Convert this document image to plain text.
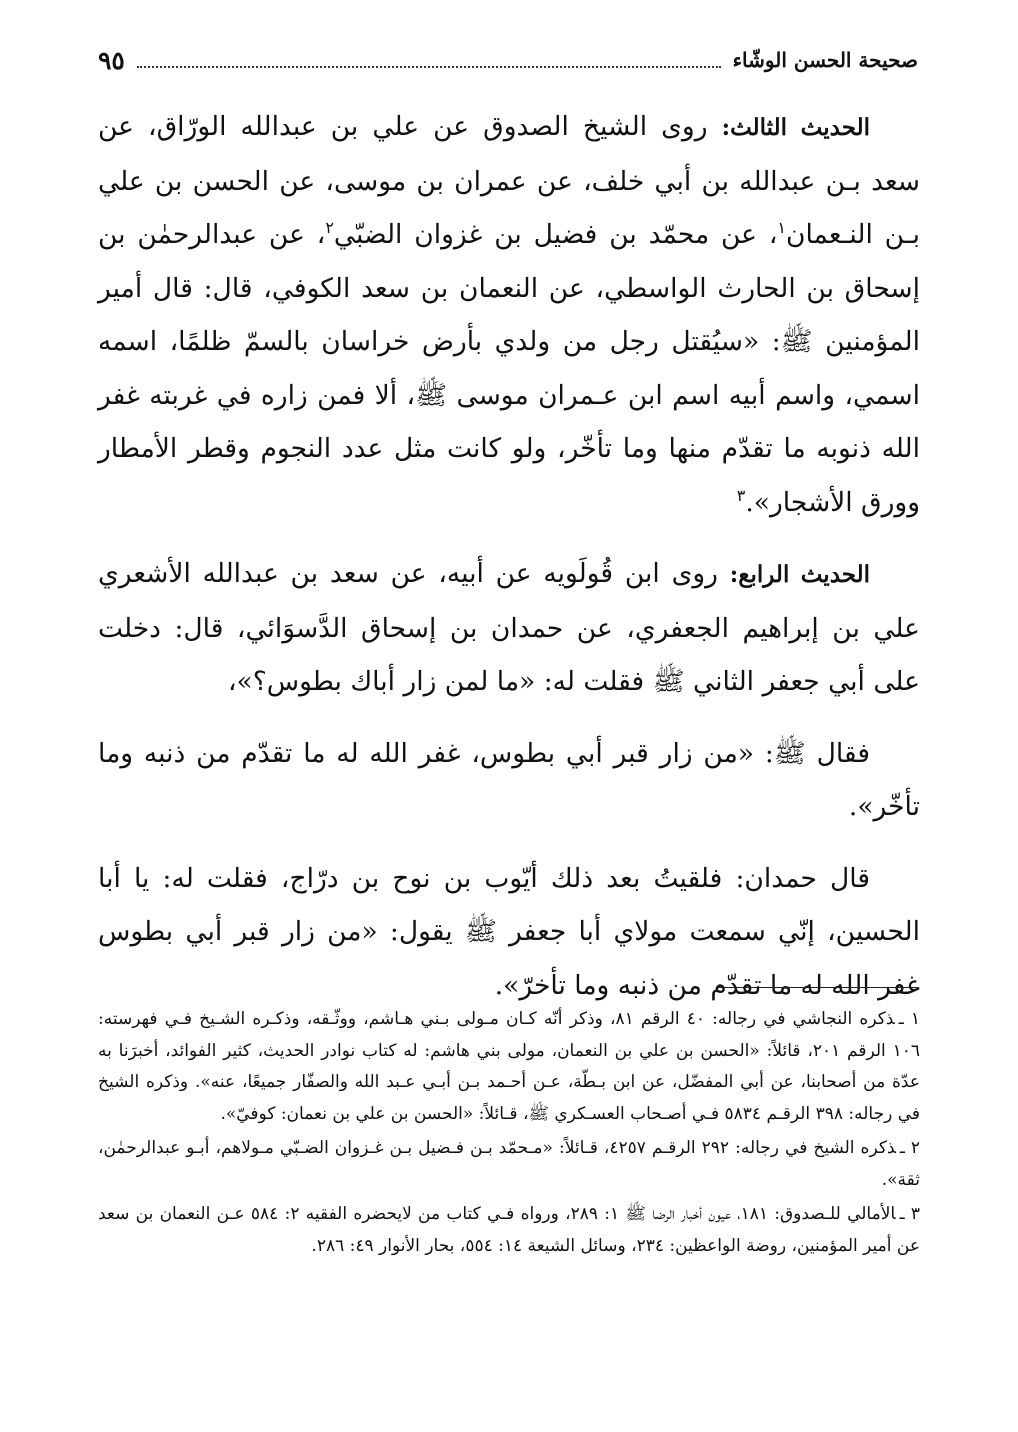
صحيحة الحسن الوشّاء
٩٥

الحديث الثالث: روى الشيخ الصدوق عن علي بن عبدالله الورّاق، عن سعد بـن عبدالله بن أبي خلف، عن عمران بن موسى، عن الحسن بن علي بـن النـعمان$^١$، عن محمّد بن فضيل بن غزوان الضبّي$^٢$، عن عبدالرحمٰن بن إسحاق بن الحارث الواسطي، عن النعمان بن سعد الكوفي، قال: قال أمير المؤمنين ﷺ: «سيُقتل رجل من ولدي بأرض خراسان بالسمّ ظلمًا، اسمه اسمي، واسم أبيه اسم ابن عـمران موسى ﷺ، ألا فمن زاره في غربته غفر الله ذنوبه ما تقدّم منها وما تأخّر، ولو كانت مثل عدد النجوم وقطر الأمطار وورق الأشجار».$^٣$

الحديث الرابع: روى ابن قُولَويه عن أبيه، عن سعد بن عبدالله الأشعري علي بن إبراهيم الجعفري، عن حمدان بن إسحاق الدَّسوَائي، قال: دخلت على أبي جعفر الثاني ﷺ فقلت له: «ما لمن زار أباك بطوس؟»،

فقال ﷺ: «من زار قبر أبي بطوس، غفر الله له ما تقدّم من ذنبه وما تأخّر».

قال حمدان: فلقيتُ بعد ذلك أيّوب بن نوح بن درّاج، فقلت له: يا أبا الحسين، إنّي سمعت مولاي أبا جعفر ﷺ يقول: «من زار قبر أبي بطوس غفر الله له ما تقدّم من ذنبه وما تأخرّ».

١ ـذكره النجاشي في رجاله: ٤٠ الرقم ٨١، وذكر أنّه كـان مـولى بـني هـاشم، ووثّـقه، وذكـره الشـيخ فـي فهرسته: ١٠٦ الرقم ٢٠١، قائلاً: «الحسن بن علي بن النعمان، مولى بني هاشم: له كتاب نوادر الحديث، كثير الفوائد، أخبرَنا به عدّة من أصحابنا، عن أبي المفضّل، عن ابن بـطّة، عـن أحـمد بـن أبـي عـبد الله والصفّار جميعًا، عنه». وذكره الشيخ في رجاله: ٣٩٨ الرقـم ٥٨٣٤ فـي أصـحاب العسـكري ﷺ، قـائلاً: «الحسن بن علي بن نعمان: كوفيّ».

٢ ـذكره الشيخ في رجاله: ٢٩٢ الرقـم ٤٢٥٧، قـائلاً: «مـحمّد بـن فـضيل بـن غـزوان الضـبّي مـولاهم، أبـو عبدالرحمٰن، ثقة».

٣ ـالأمالي للـصدوق: ١٨١، عيون أخبار الرضا ﷺ ١: ٢٨٩، ورواه فـي كتاب من لايحضره الفقيه ٢: ٥٨٤ عـن النعمان بن سعد عن أمير المؤمنين، روضة الواعظين: ٢٣٤، وسائل الشيعة ١٤: ٥٥٤، بحار الأنوار ٤٩: ٢٨٦.
